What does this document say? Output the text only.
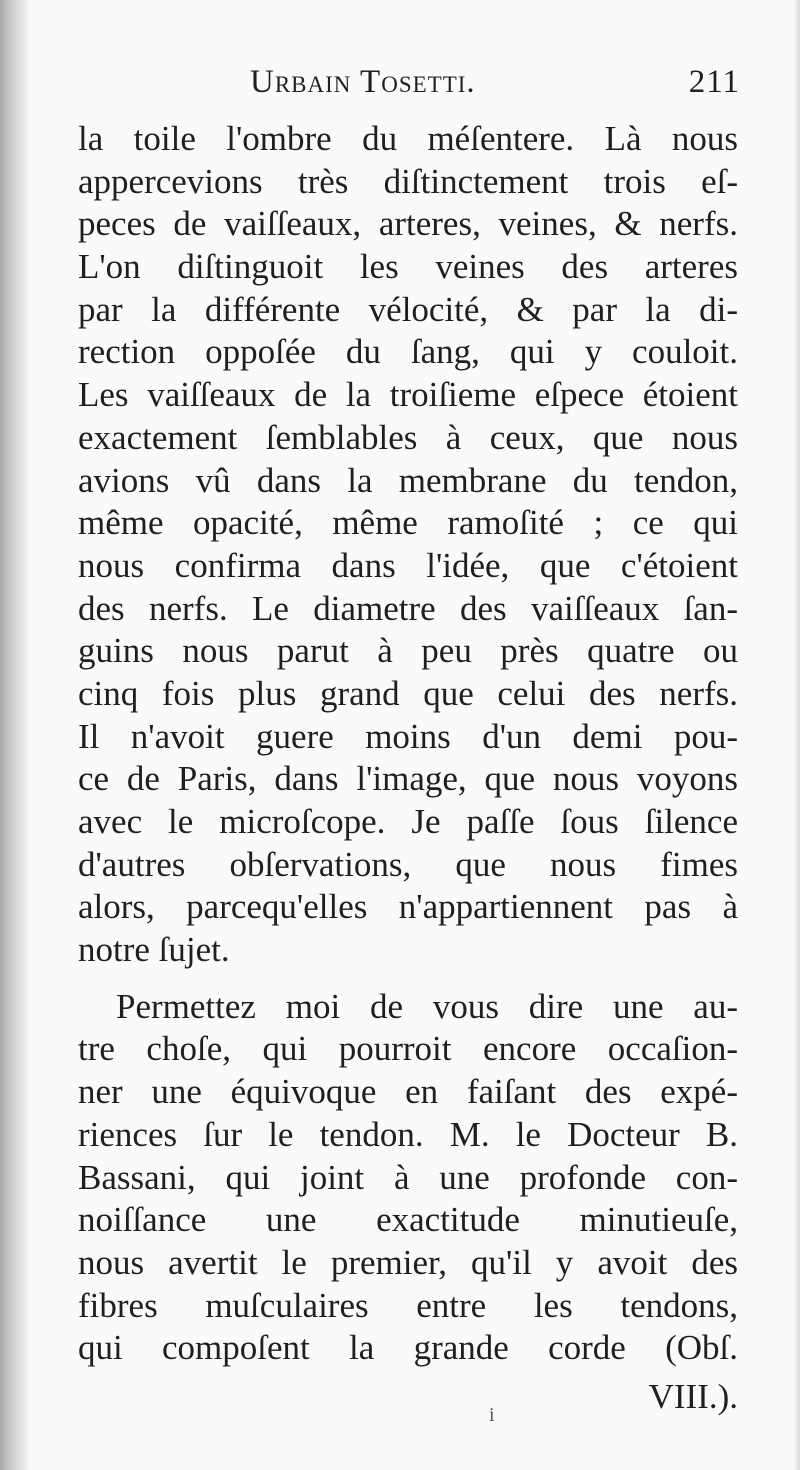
Urbain Tosetti.	211
la toile l'ombre du méſentere. Là nous
appercevions très diſtinctement trois eſ-
peces de vaiſſeaux, arteres, veines, & nerfs.
L'on diſtinguoit les veines des arteres
par la différente vélocité, & par la di-
rection oppoſée du ſang, qui y couloit.
Les vaiſſeaux de la troiſieme eſpece étoient
exactement ſemblables à ceux, que nous
avions vû dans la membrane du tendon,
même opacité, même ramoſité ; ce qui
nous confirma dans l'idée, que c'étoient
des nerfs. Le diametre des vaiſſeaux ſan-
guins nous parut à peu près quatre ou
cinq fois plus grand que celui des nerfs.
Il n'avoit guere moins d'un demi pou-
ce de Paris, dans l'image, que nous voyons
avec le microſcope. Je paſſe ſous ſilence
d'autres obſervations, que nous fimes
alors, parcequ'elles n'appartiennent pas à
notre ſujet.
Permettez moi de vous dire une au-
tre choſe, qui pourroit encore occaſion-
ner une équivoque en faiſant des expé-
riences ſur le tendon. M. le Docteur B.
Bassani, qui joint à une profonde con-
noiſſance une exactitude minutieuſe,
nous avertit le premier, qu'il y avoit des
fibres muſculaires entre les tendons,
qui compoſent la grande corde (Obſ.
VIII.).
i
